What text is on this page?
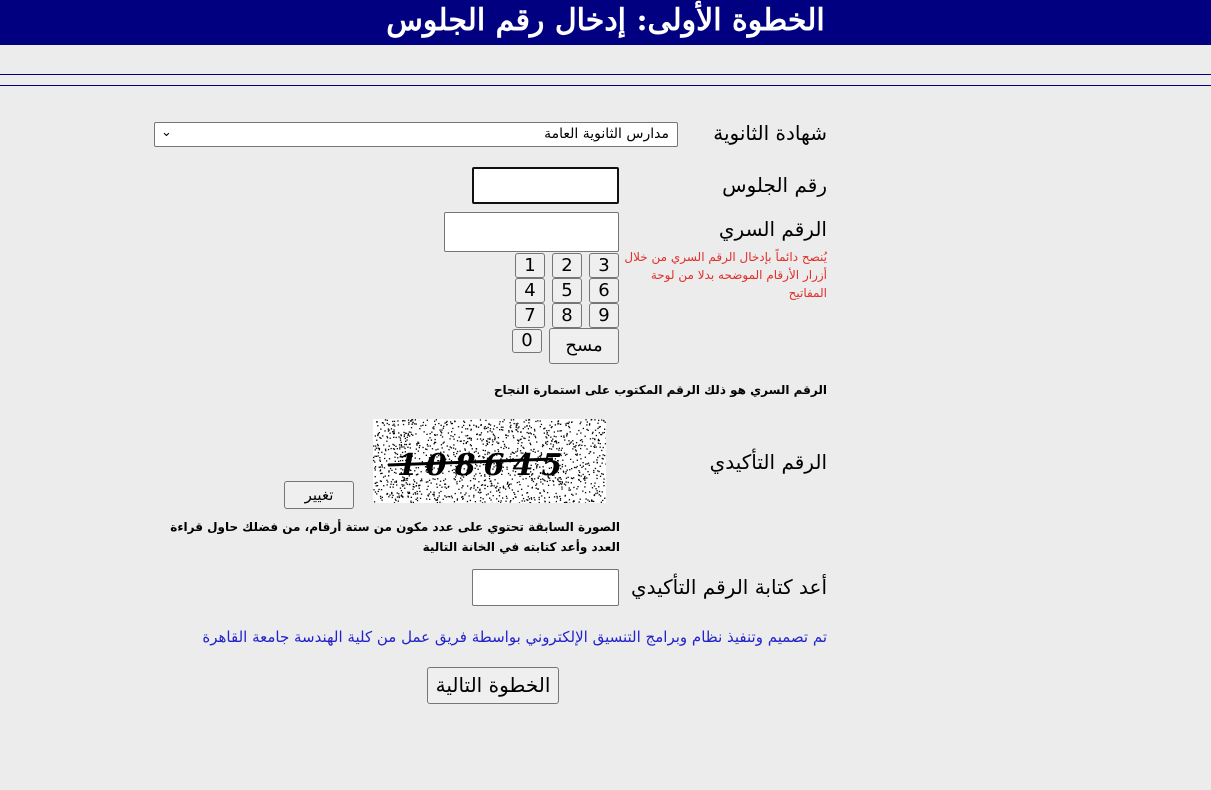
الخطوة الأولى: إدخال رقم الجلوس
شهادة الثانوية
مدارس الثانوية العامة
⌄
رقم الجلوس
الرقم السري
يُنصح دائماً بإدخال الرقم السري من خلال أزرار الأرقام الموضحه بدلا من لوحة المفاتيح
1	2	3
4	5	6
7	8	9
0	مسح
الرقم السري هو ذلك الرقم المكتوب على استمارة النجاح
الرقم التأكيدي
108645
تغيير
الصورة السابقة تحتوي على عدد مكون من ستة أرقام، من فضلك حاول قراءة العدد وأعد كتابته في الخانة التالية
أعد كتابة الرقم التأكيدي
تم تصميم وتنفيذ نظام وبرامج التنسيق الإلكتروني بواسطة فريق عمل من كلية الهندسة جامعة القاهرة
الخطوة التالية
